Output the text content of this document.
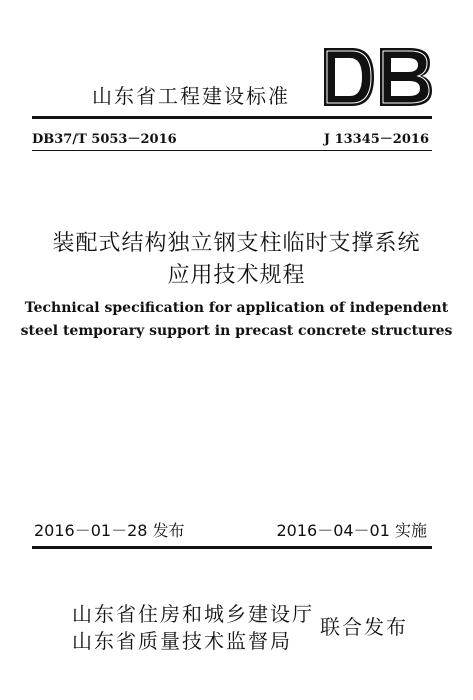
山东省工程建设标准
DB37/T 5053－2016	J 13345－2016
装配式结构独立钢支柱临时支撑系统
应用技术规程
Technical specification for application of independent
steel temporary support in precast concrete structures
2016－01－28 发布	2016－04－01 实施
山东省住房和城乡建设厅
山东省质量技术监督局
联合发布
